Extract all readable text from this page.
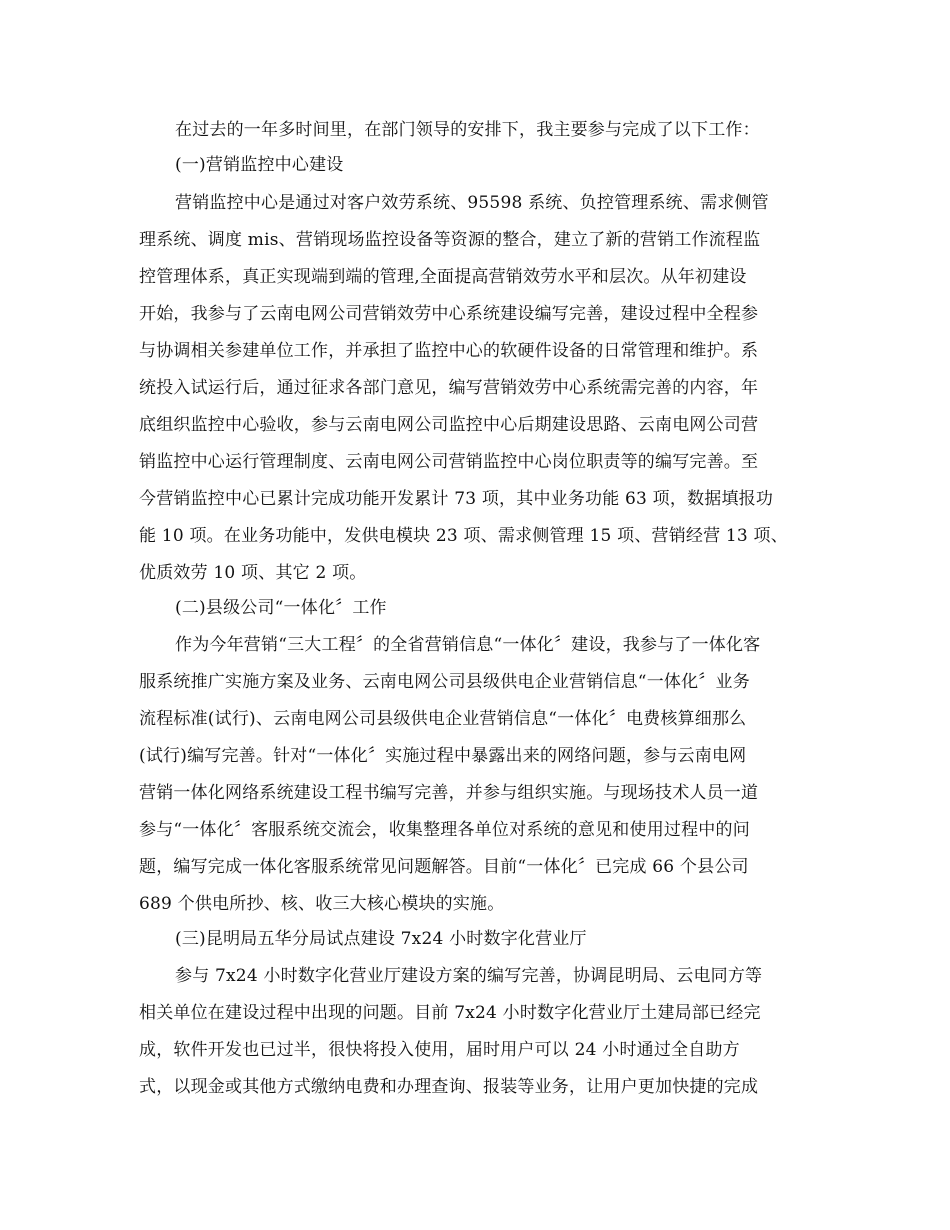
在过去的一年多时间里，在部门领导的安排下，我主要参与完成了以下工作：
(一)营销监控中心建设
营销监控中心是通过对客户效劳系统、95598 系统、负控管理系统、需求侧管
理系统、调度 mis、营销现场监控设备等资源的整合，建立了新的营销工作流程监
控管理体系，真正实现端到端的管理,全面提高营销效劳水平和层次。从年初建设
开始，我参与了云南电网公司营销效劳中心系统建设编写完善，建设过程中全程参
与协调相关参建单位工作，并承担了监控中心的软硬件设备的日常管理和维护。系
统投入试运行后，通过征求各部门意见，编写营销效劳中心系统需完善的内容，年
底组织监控中心验收，参与云南电网公司监控中心后期建设思路、云南电网公司营
销监控中心运行管理制度、云南电网公司营销监控中心岗位职责等的编写完善。至
今营销监控中心已累计完成功能开发累计 73 项，其中业务功能 63 项，数据填报功
能 10 项。在业务功能中，发供电模块 23 项、需求侧管理 15 项、营销经营 13 项、
优质效劳 10 项、其它 2 项。
(二)县级公司“一体化〞工作
作为今年营销“三大工程〞的全省营销信息“一体化〞建设，我参与了一体化客
服系统推广实施方案及业务、云南电网公司县级供电企业营销信息“一体化〞业务
流程标准(试行)、云南电网公司县级供电企业营销信息“一体化〞电费核算细那么
(试行)编写完善。针对“一体化〞实施过程中暴露出来的网络问题，参与云南电网
营销一体化网络系统建设工程书编写完善，并参与组织实施。与现场技术人员一道
参与“一体化〞客服系统交流会，收集整理各单位对系统的意见和使用过程中的问
题，编写完成一体化客服系统常见问题解答。目前“一体化〞已完成 66 个县公司
689 个供电所抄、核、收三大核心模块的实施。
(三)昆明局五华分局试点建设 7x24 小时数字化营业厅
参与 7x24 小时数字化营业厅建设方案的编写完善，协调昆明局、云电同方等
相关单位在建设过程中出现的问题。目前 7x24 小时数字化营业厅土建局部已经完
成，软件开发也已过半，很快将投入使用，届时用户可以 24 小时通过全自助方
式，以现金或其他方式缴纳电费和办理查询、报装等业务，让用户更加快捷的完成
